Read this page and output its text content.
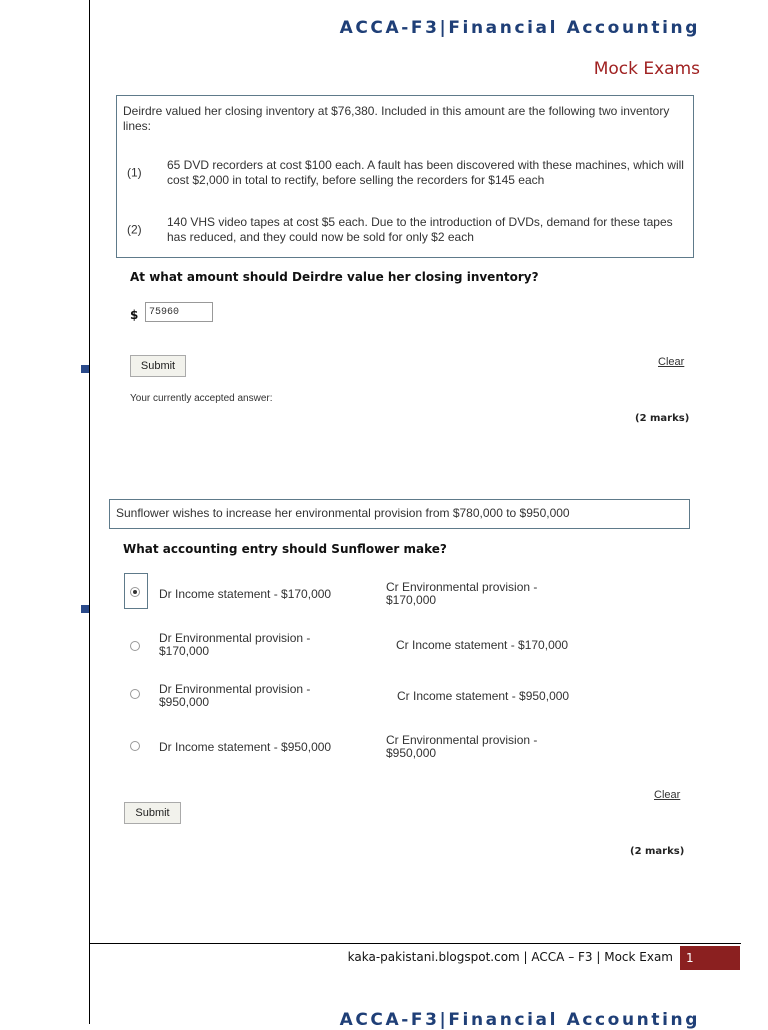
ACCA-F3|Financial Accounting
Mock Exams
Deirdre valued her closing inventory at $76,380. Included in this amount are the following two inventory lines:
(1)
65 DVD recorders at cost $100 each. A fault has been discovered with these machines, which will cost $2,000 in total to rectify, before selling the recorders for $145 each
(2)
140 VHS video tapes at cost $5 each. Due to the introduction of DVDs, demand for these tapes has reduced, and they could now be sold for only $2 each
At what amount should Deirdre value her closing inventory?
$
75960
Submit	Clear
Your currently accepted answer:
(2 marks)
Sunflower wishes to increase her environmental provision from $780,000 to $950,000
What accounting entry should Sunflower make?
Dr Income statement - $170,000	Cr Environmental provision - $170,000
Dr Environmental provision - $170,000	Cr Income statement - $170,000
Dr Environmental provision - $950,000	Cr Income statement - $950,000
Dr Income statement - $950,000	Cr Environmental provision - $950,000
Clear
Submit
(2 marks)
kaka-pakistani.blogspot.com | ACCA – F3 | Mock Exam	1
ACCA-F3|Financial Accounting
